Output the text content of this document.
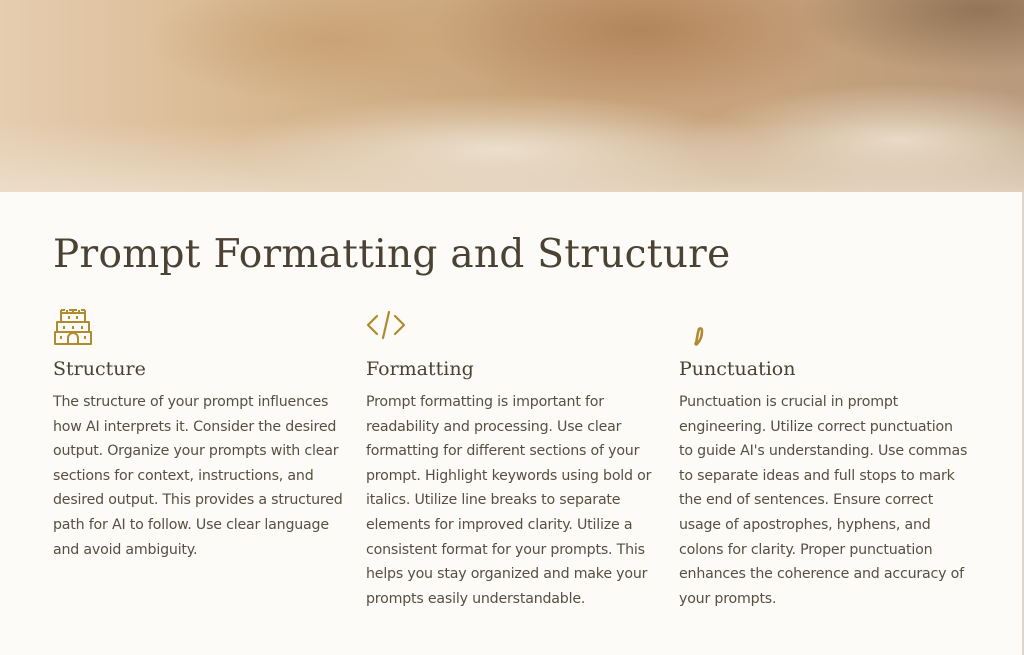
Prompt Formatting and Structure
Structure

The structure of your prompt influences how AI interprets it. Consider the desired output. Organize your prompts with clear sections for context, instructions, and desired output. This provides a structured path for AI to follow. Use clear language and avoid ambiguity.

Formatting

Prompt formatting is important for readability and processing. Use clear formatting for different sections of your prompt. Highlight keywords using bold or italics. Utilize line breaks to separate elements for improved clarity. Utilize a consistent format for your prompts. This helps you stay organized and make your prompts easily understandable.

Punctuation

Punctuation is crucial in prompt engineering. Utilize correct punctuation to guide AI's understanding. Use commas to separate ideas and full stops to mark the end of sentences. Ensure correct usage of apostrophes, hyphens, and colons for clarity. Proper punctuation enhances the coherence and accuracy of your prompts.
